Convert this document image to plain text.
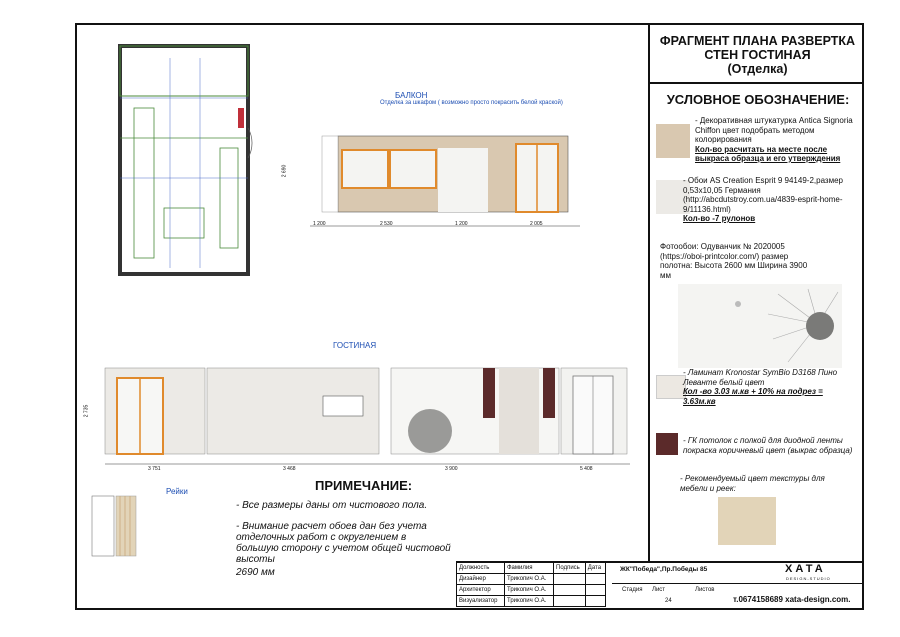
ФРАГМЕНТ ПЛАНА РАЗВЕРТКА
СТЕН ГОСТИНАЯ
(Отделка)
УСЛОВНОЕ ОБОЗНАЧЕНИЕ:
- Декоративная штукатурка Antica Signoria Chiffon цвет подобрать методом колорирования
Кол-во расчитать на месте после выкраса образца и его утверждения
- Обои AS Creation Esprit 9 94149-2,размер 0,53х10,05 Германия (http://abcdutstroy.com.ua/4839-esprit-home-9/11136.html)
Кол-во -7 рулонов
Фотообои: Одуванчик № 2020005 (https://oboi-printcolor.com/) размер полотна: Высота 2600 мм Ширина 3900 мм
- Ламинат Kronostar SymBio D3168 Пино Леванте белый цвет
Кол -во 3.03 м.кв + 10% на подрез = 3.63м.кв
- ГК потолок с полкой для диодной ленты покраска коричневый цвет (выкрас образца)
- Рекомендуемый цвет текстуры для мебели и реек:
БАЛКОН
Отделка за шкафом ( возможно просто покрасить белой краской)
1 200	2 530	1 200	2 005
2 690
ГОСТИНАЯ
3 751	3 468	3 900	5 408
2 735
Рейки	ПРИМЕЧАНИЕ:
- Все размеры даны от чистового пола.
- Внимание расчет обоев дан без учета отделочных работ с округлением в большую сторону с учетом общей чистовой высоты
2690 мм	Должность	Фамилия	Подпись	Дата
Дизайнер	Трикопич О.А.		
Архитектор	Трикопич О.А.		
Визуализатор	Трикопич О.А.		
ЖК"Победа",Пр.Победы 85	ХАТА
DESIGN-STUDIO
Стадия Лист	Листов
24	т.0674158689 xata-design.com.
